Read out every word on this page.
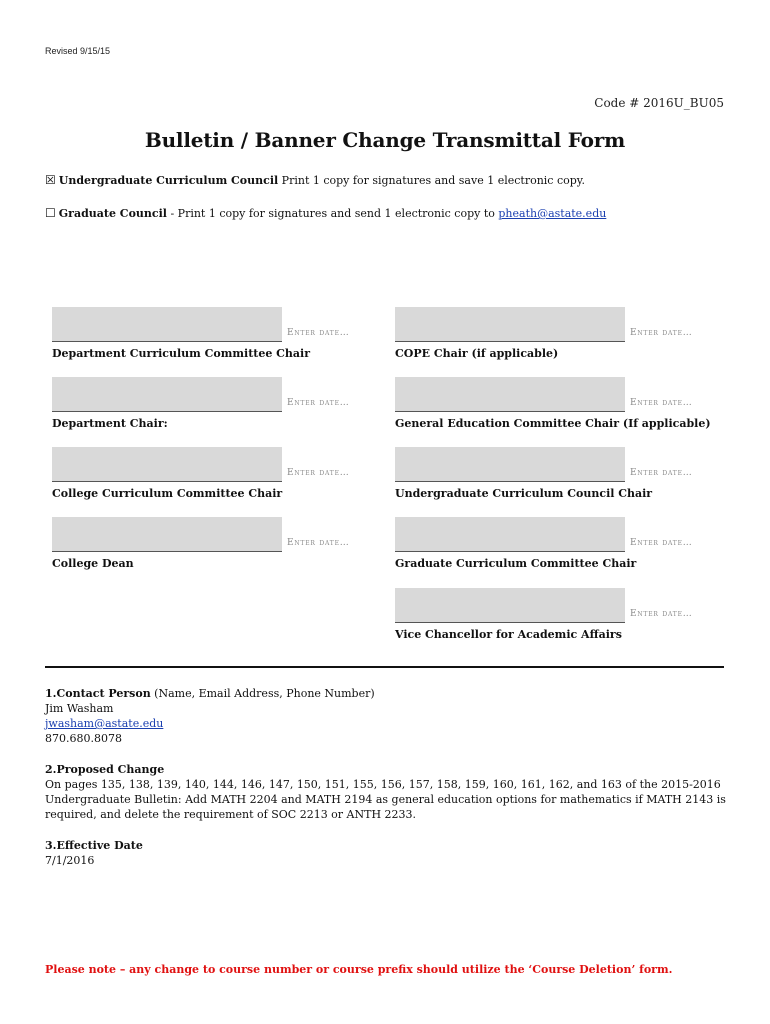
Revised 9/15/15
Code # 2016U_BU05
Bulletin / Banner Change Transmittal Form
☒ Undergraduate Curriculum Council Print 1 copy for signatures and save 1 electronic copy.
☐ Graduate Council - Print 1 copy for signatures and send 1 electronic copy to pheath@astate.edu
Enter date…
Department Curriculum Committee Chair
Enter date…
Department Chair:
Enter date…
College Curriculum Committee Chair
Enter date…
College Dean
Enter date…
COPE Chair (if applicable)
Enter date…
General Education Committee Chair (If applicable)
Enter date…
Undergraduate Curriculum Council Chair
Enter date…
Graduate Curriculum Committee Chair
Enter date…
Vice Chancellor for Academic Affairs
1.Contact Person (Name, Email Address, Phone Number)
Jim Washam
jwasham@astate.edu
870.680.8078
2.Proposed Change
On pages 135, 138, 139, 140, 144, 146, 147, 150, 151, 155, 156, 157, 158, 159, 160, 161, 162, and 163 of the 2015-2016
Undergraduate Bulletin: Add MATH 2204 and MATH 2194 as general education options for mathematics if MATH 2143 is
required, and delete the requirement of SOC 2213 or ANTH 2233.
3.Effective Date
7/1/2016
Please note – any change to course number or course prefix should utilize the ‘Course Deletion’ form.
